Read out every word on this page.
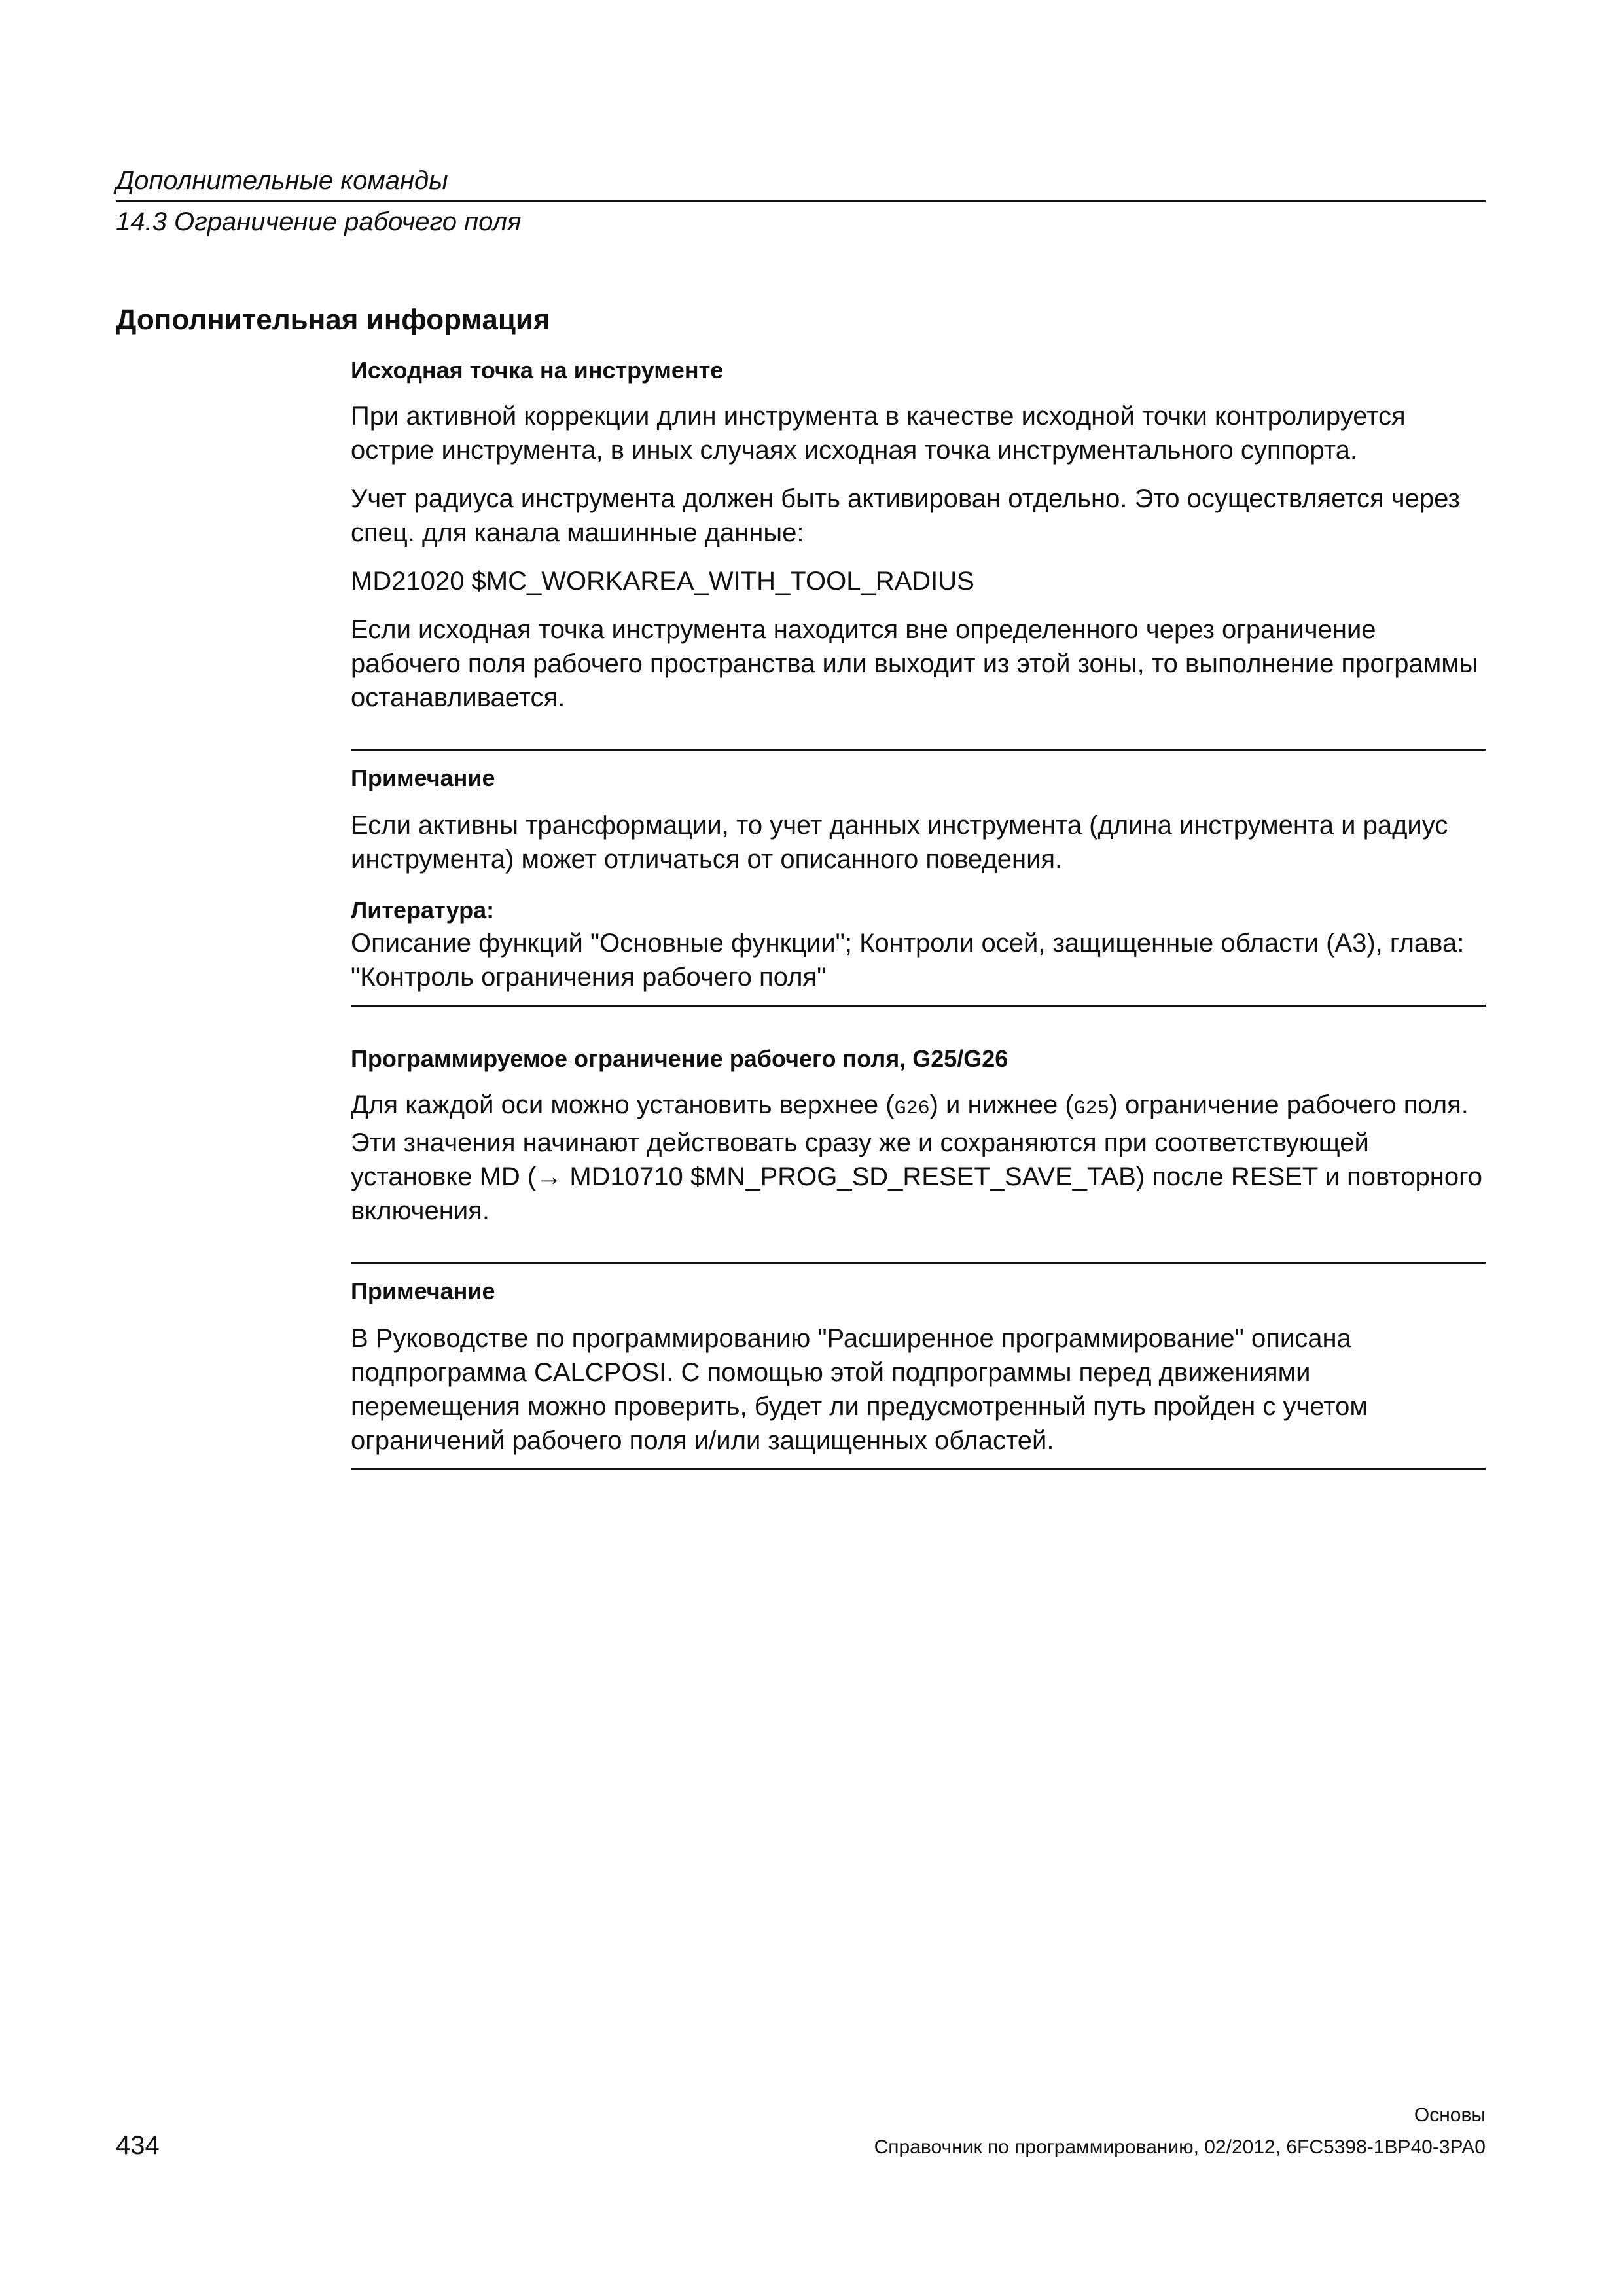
Дополнительные команды
14.3 Ограничение рабочего поля
Дополнительная информация
Исходная точка на инструменте
При активной коррекции длин инструмента в качестве исходной точки контролируется острие инструмента, в иных случаях исходная точка инструментального суппорта.
Учет радиуса инструмента должен быть активирован отдельно. Это осуществляется через спец. для канала машинные данные:
MD21020 $MC_WORKAREA_WITH_TOOL_RADIUS
Если исходная точка инструмента находится вне определенного через ограничение рабочего поля рабочего пространства или выходит из этой зоны, то выполнение программы останавливается.
Примечание
Если активны трансформации, то учет данных инструмента (длина инструмента и радиус инструмента) может отличаться от описанного поведения.
Литература:
Описание функций "Основные функции"; Контроли осей, защищенные области (A3), глава: "Контроль ограничения рабочего поля"
Программируемое ограничение рабочего поля, G25/G26
Для каждой оси можно установить верхнее (G26) и нижнее (G25) ограничение рабочего поля. Эти значения начинают действовать сразу же и сохраняются при соответствующей установке MD (→ MD10710 $MN_PROG_SD_RESET_SAVE_TAB) после RESET и повторного включения.
Примечание
В Руководстве по программированию "Расширенное программирование" описана подпрограмма CALCPOSI. С помощью этой подпрограммы перед движениями перемещения можно проверить, будет ли предусмотренный путь пройден с учетом ограничений рабочего поля и/или защищенных областей.
Основы
434	Справочник по программированию, 02/2012, 6FC5398-1BP40-3PA0
